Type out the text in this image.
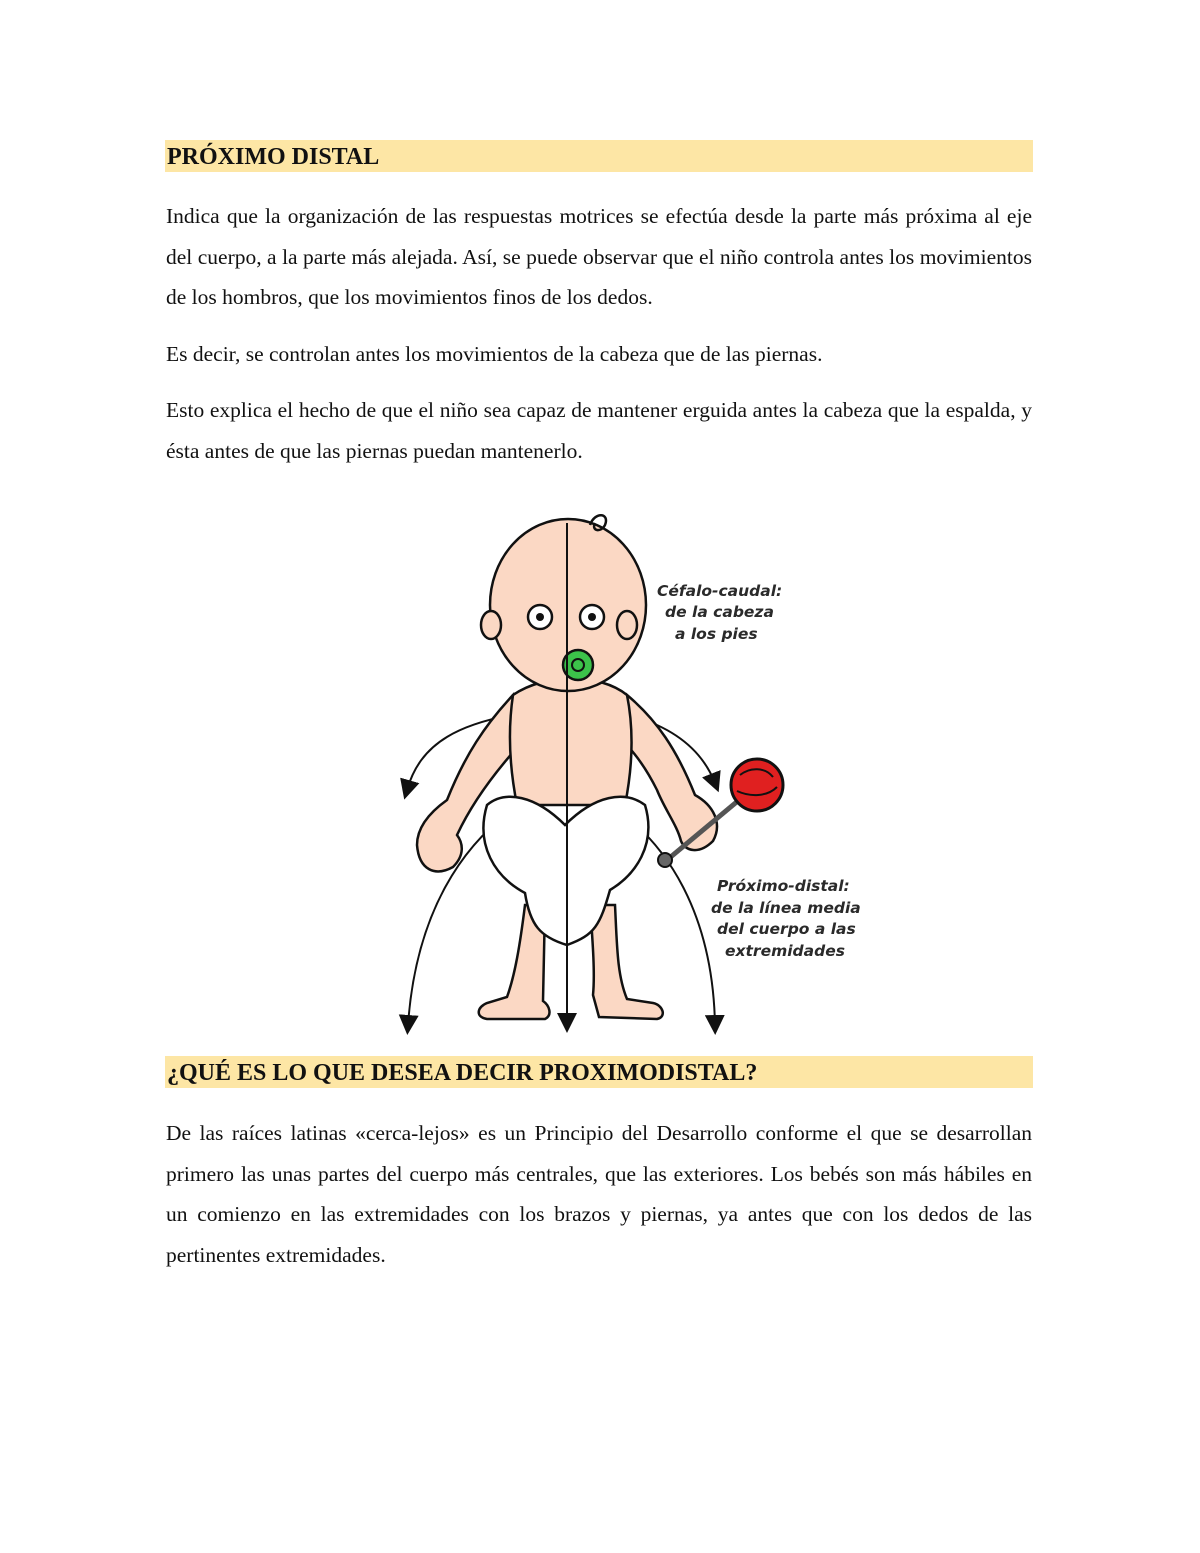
PRÓXIMO DISTAL

Indica que la organización de las respuestas motrices se efectúa desde la parte más próxima al eje del cuerpo, a la parte más alejada. Así, se puede observar que el niño controla antes los movimientos de los hombros, que los movimientos finos de los dedos.

Es decir, se controlan antes los movimientos de la cabeza que de las piernas.

Esto explica el hecho de que el niño sea capaz de mantener erguida antes la cabeza que la espalda, y ésta antes de que las piernas puedan mantenerlo.

Céfalo-caudal:
de la cabeza
a los pies
Próximo-distal:
de la línea media
del cuerpo a las
extremidades
¿QUÉ ES LO QUE DESEA DECIR PROXIMODISTAL?

De las raíces latinas «cerca-lejos» es un Principio del Desarrollo conforme el que se desarrollan primero las unas partes del cuerpo más centrales, que las exteriores. Los bebés son más hábiles en un comienzo en las extremidades con los brazos y piernas, ya antes que con los dedos de las pertinentes extremidades.
